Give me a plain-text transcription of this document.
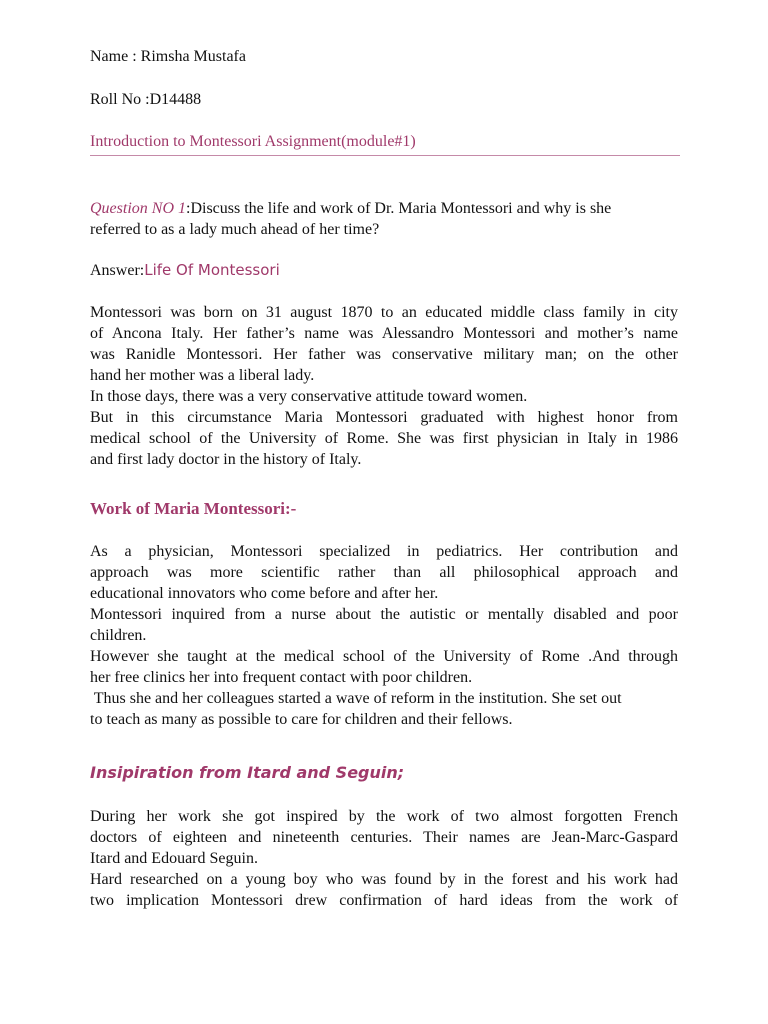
Name : Rimsha Mustafa
Roll No :D14488
Introduction to Montessori Assignment(module#1)
Question NO 1:Discuss the life and work of Dr. Maria Montessori and why is she
referred to as a lady much ahead of her time?
Answer:Life Of Montessori
Montessori was born on 31 august 1870 to an educated middle class family in city
of Ancona Italy. Her father’s name was Alessandro Montessori and mother’s name
was Ranidle Montessori. Her father was conservative military man; on the other
hand her mother was a liberal lady.
In those days, there was a very conservative attitude toward women.
But in this circumstance Maria Montessori graduated with highest honor from
medical school of the University of Rome. She was first physician in Italy in 1986
and first lady doctor in the history of Italy.
Work of Maria Montessori:-
As a physician, Montessori specialized in pediatrics. Her contribution and
approach was more scientific rather than all philosophical approach and
educational innovators who come before and after her.
Montessori inquired from a nurse about the autistic or mentally disabled and poor
children.
However she taught at the medical school of the University of Rome .And through
her free clinics her into frequent contact with poor children.
Thus she and her colleagues started a wave of reform in the institution. She set out
to teach as many as possible to care for children and their fellows.
Insipiration from Itard and Seguin;
During her work she got inspired by the work of two almost forgotten French
doctors of eighteen and nineteenth centuries. Their names are Jean-Marc-Gaspard
Itard and Edouard Seguin.
Hard researched on a young boy who was found by in the forest and his work had
two implication Montessori drew confirmation of hard ideas from the work of
